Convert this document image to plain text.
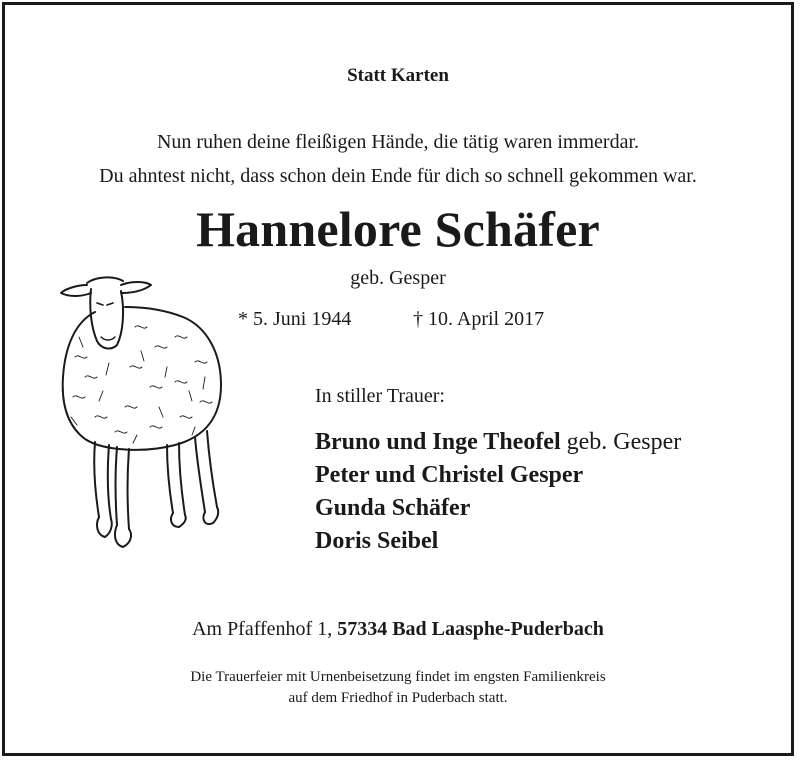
Statt Karten
Nun ruhen deine fleißigen Hände, die tätig waren immerdar.
Du ahntest nicht, dass schon dein Ende für dich so schnell gekommen war.
Hannelore Schäfer
geb. Gesper
* 5. Juni 1944	† 10. April 2017
In stiller Trauer:
Bruno und Inge Theofel geb. Gesper
Peter und Christel Gesper
Gunda Schäfer
Doris Seibel
Am Pfaffenhof 1, 57334 Bad Laasphe-Puderbach
Die Trauerfeier mit Urnenbeisetzung findet im engsten Familienkreis
auf dem Friedhof in Puderbach statt.
